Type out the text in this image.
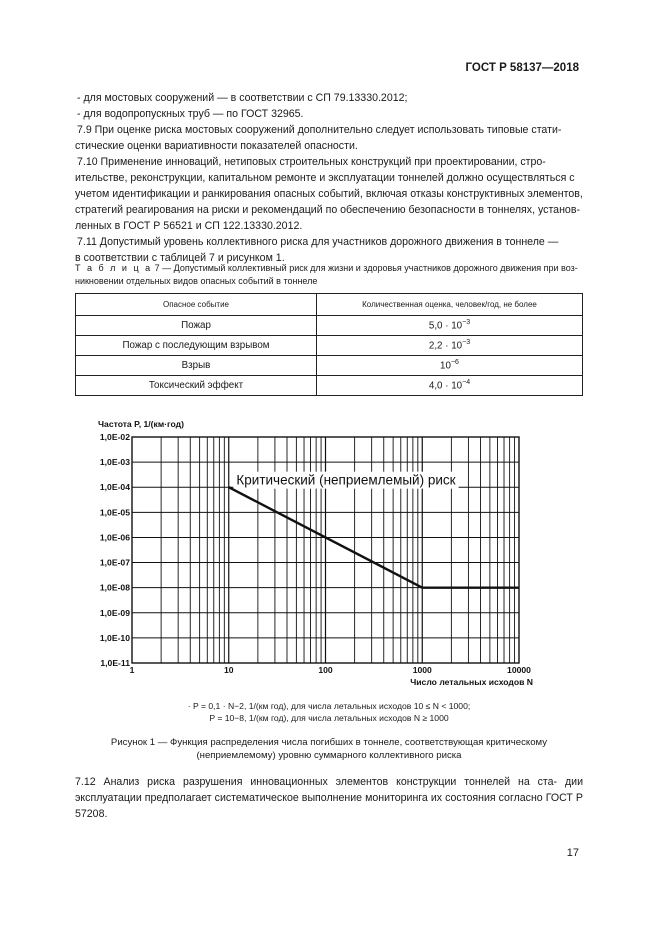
ГОСТ Р 58137—2018

- для мостовых сооружений — в соответствии с СП 79.13330.2012;

- для водопропускных труб — по ГОСТ 32965.

7.9 При оценке риска мостовых сооружений дополнительно следует использовать типовые стати-

стические оценки вариативности показателей опасности.

7.10 Применение инноваций, нетиповых строительных конструкций при проектировании, стро-

ительстве, реконструкции, капитальном ремонте и эксплуатации тоннелей должно осуществляться с

учетом идентификации и ранкирования опасных событий, включая отказы конструктивных элементов,

стратегий реагирования на риски и рекомендаций по обеспечению безопасности в тоннелях, установ-

ленных в ГОСТ Р 56521 и СП 122.13330.2012.

7.11 Допустимый уровень коллективного риска для участников дорожного движения в тоннеле —

в соответствии с таблицей 7 и рисунком 1.

Т а б л и ц а 7 — Допустимый коллективный риск для жизни и здоровья участников дорожного движения при воз-
никновении отдельных видов опасных событий в тоннеле
Опасное событие	Количественная оценка, человек/год, не более
Пожар	$5,0 \cdot 10^{-3}$
Пожар с последующим взрывом	$2,2 \cdot 10^{-3}$
Взрыв	$10^{-6}$
Токсический эффект	$4,0 \cdot 10^{-4}$
1,0E-02
1,0E-03
1,0E-04
1,0E-05
1,0E-06
1,0E-07
1,0E-08
1,0E-09
1,0E-10
1,0E-11
1	10	100	1000	10000
Частота P, 1/(км·год)
Число летальных исходов N
Критический (неприемлемый) риск
· P = 0,1 · N−2, 1/(км год), для числа летальных исходов 10 ≤ N < 1000;
P = 10−8, 1/(км год), для числа летальных исходов N ≥ 1000
Рисунок 1 — Функция распределения числа погибших в тоннеле, соответствующая критическому
(неприемлемому) уровню суммарного коллективного риска
7.12 Анализ риска разрушения инновационных элементов конструкции тоннелей на ста- дии эксплуатации предполагает систематическое выполнение мониторинга их состояния согласно ГОСТ Р 57208.
17
